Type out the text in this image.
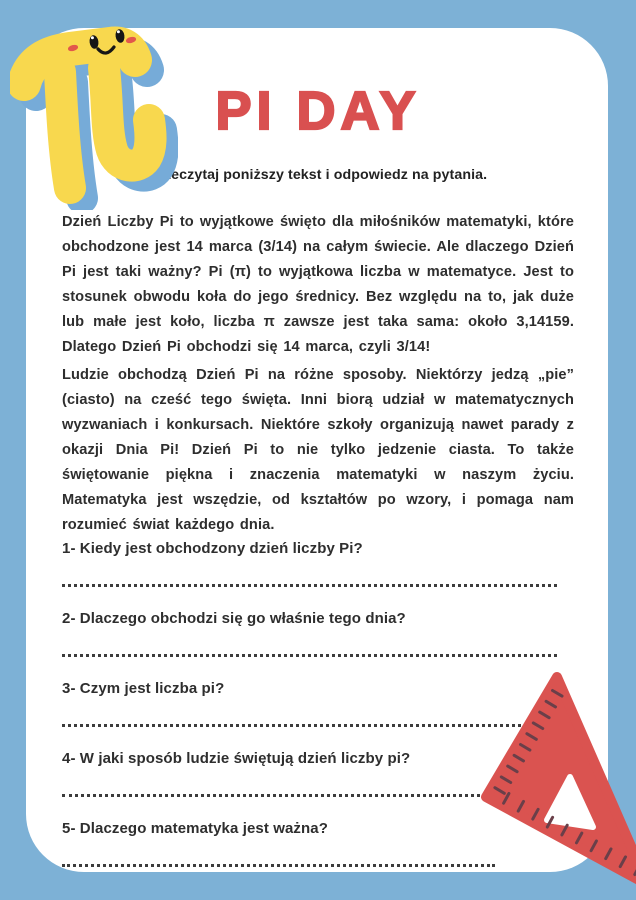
PI DAY

Przeczytaj poniższy tekst i odpowiedz na pytania.

Dzień Liczby Pi to wyjątkowe święto dla miłośników matematyki, które obchodzone jest 14 marca (3/14) na całym świecie. Ale dlaczego Dzień Pi jest taki ważny? Pi (π) to wyjątkowa liczba w matematyce. Jest to stosunek obwodu koła do jego średnicy. Bez względu na to, jak duże lub małe jest koło, liczba π zawsze jest taka sama: około 3,14159. Dlatego Dzień Pi obchodzi się 14 marca, czyli 3/14!

Ludzie obchodzą Dzień Pi na różne sposoby. Niektórzy jedzą „pie” (ciasto) na cześć tego święta. Inni biorą udział w matematycznych wyzwaniach i konkursach. Niektóre szkoły organizują nawet parady z okazji Dnia Pi! Dzień Pi to nie tylko jedzenie ciasta. To także świętowanie piękna i znaczenia matematyki w naszym życiu. Matematyka jest wszędzie, od kształtów po wzory, i pomaga nam rozumieć świat każdego dnia.

1- Kiedy jest obchodzony dzień liczby Pi?

2- Dlaczego obchodzi się go właśnie tego dnia?

3- Czym jest liczba pi?

4- W jaki sposób ludzie świętują dzień liczby pi?

5- Dlaczego matematyka jest ważna?
